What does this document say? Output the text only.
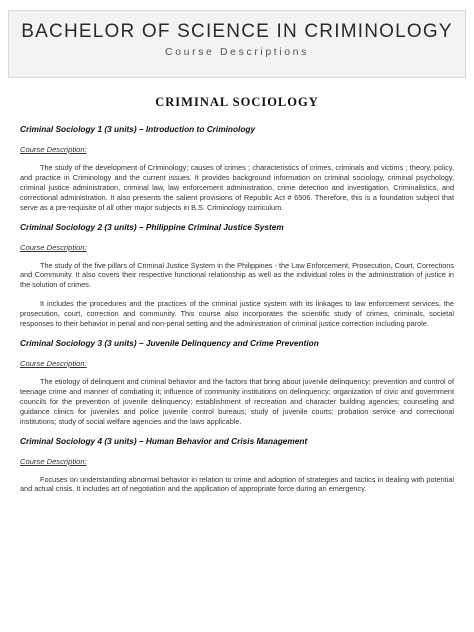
BACHELOR OF SCIENCE IN CRIMINOLOGY
Course Descriptions
CRIMINAL SOCIOLOGY

Criminal Sociology 1 (3 units) – Introduction to Criminology

Course Description:

The study of the development of Criminology; causes of crimes ; characteristics of crimes, criminals and victims ; theory, policy, and practice in Criminology and the current issues. It provides background information on criminal sociology, criminal psychology, criminal justice administration, criminal law, law enforcement administration, crime detection and investigation, Criminalistics, and correctional administration. It also presents the salient provisions of Republic Act # 6506. Therefore, this is a foundation subject that serve as a pre-requisite of all other major subjects in B.S. Criminology curriculum.

Criminal Sociology 2 (3 units) – Philippine Criminal Justice System

Course Description:

The study of the five pillars of Criminal Justice System in the Philippines - the Law Enforcement, Prosecution, Court, Corrections and Community. It also covers their respective functional relationship as well as the individual roles in the administration of justice in the solution of crimes.

It includes the procedures and the practices of the criminal justice system with its linkages to law enforcement services, the prosecution, court, correction and community. This course also incorporates the scientific study of crimes, criminals, societal responses to their behavior in penal and non-penal setting and the administration of criminal justice correction including parole.

Criminal Sociology 3 (3 units) – Juvenile Delinquency and Crime Prevention

Course Description:

The etiology of delinquent and criminal behavior and the factors that bring about juvenile delinquency; prevention and control of teenage crime and manner of combating it; influence of community institutions on delinquency; organization of civic and government councils for the prevention of juvenile delinquency; establishment of recreation and character building agencies; counseling and guidance clinics for juveniles and police juvenile control bureaus; study of juvenile courts; probation service and correctional institutions; study of social welfare agencies and the laws applicable.

Criminal Sociology 4 (3 units) – Human Behavior and Crisis Management

Course Description:

Focuses on understanding abnormal behavior in relation to crime and adoption of strategies and tactics in dealing with potential and actual crisis. It includes art of negotiation and the application of appropriate force during an emergency.
